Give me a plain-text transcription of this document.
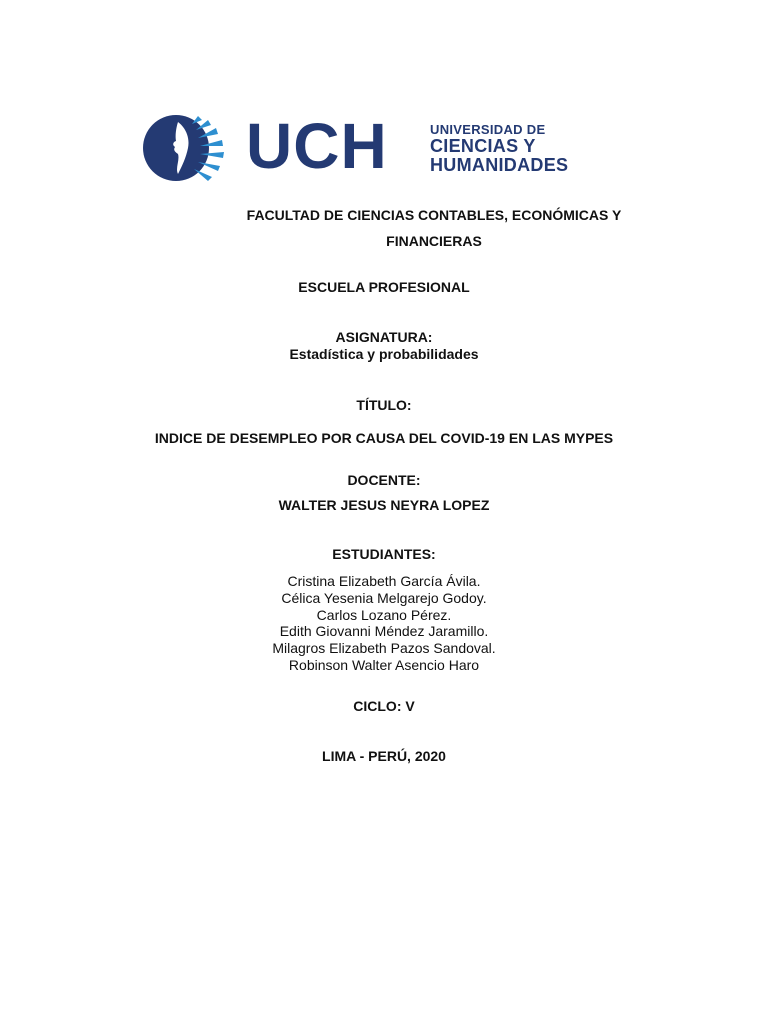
UCH	UNIVERSIDAD DE
CIENCIAS Y
HUMANIDADES
FACULTAD DE CIENCIAS CONTABLES, ECONÓMICAS Y FINANCIERAS
ESCUELA PROFESIONAL
ASIGNATURA:
Estadística y probabilidades
TÍTULO:
INDICE DE DESEMPLEO POR CAUSA DEL COVID-19 EN LAS MYPES
DOCENTE:
WALTER JESUS NEYRA LOPEZ
ESTUDIANTES:
Cristina Elizabeth García Ávila.
Célica Yesenia Melgarejo Godoy.
Carlos Lozano Pérez.
Edith Giovanni Méndez Jaramillo.
Milagros Elizabeth Pazos Sandoval.
Robinson Walter Asencio Haro
CICLO: V
LIMA - PERÚ, 2020
